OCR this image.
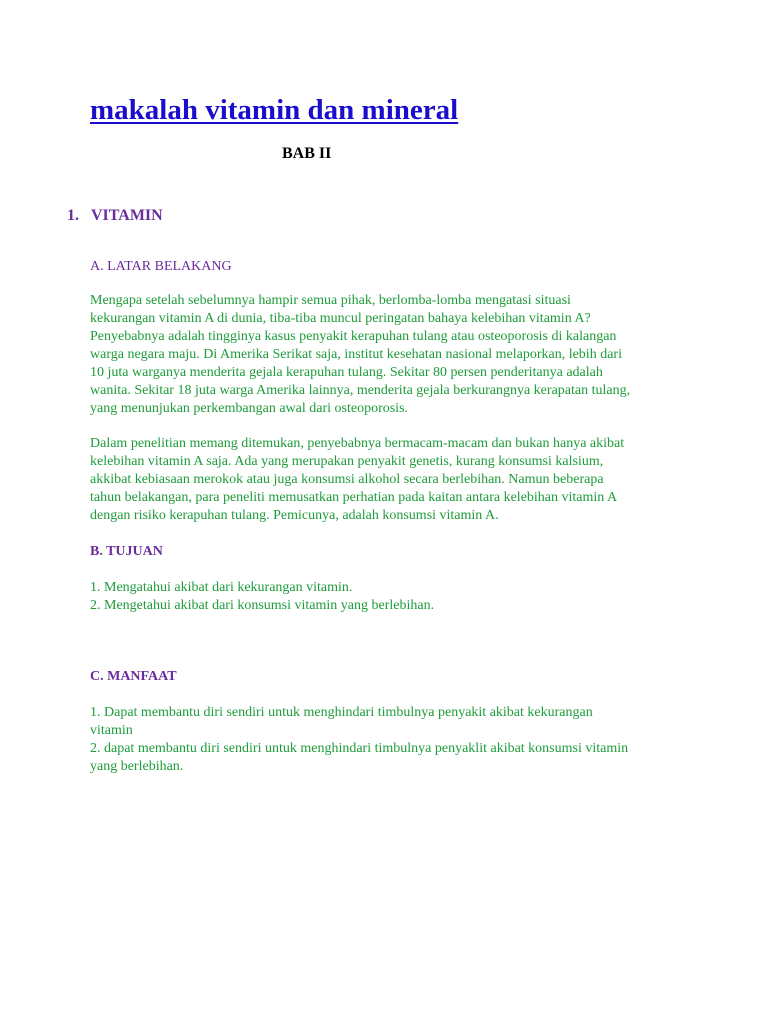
makalah vitamin dan mineral
BAB II
1. VITAMIN
A. LATAR BELAKANG

Mengapa setelah sebelumnya hampir semua pihak, berlomba-lomba mengatasi situasi
kekurangan vitamin A di dunia, tiba-tiba muncul peringatan bahaya kelebihan vitamin A?
Penyebabnya adalah tingginya kasus penyakit kerapuhan tulang atau osteoporosis di kalangan
warga negara maju. Di Amerika Serikat saja, institut kesehatan nasional melaporkan, lebih dari
10 juta warganya menderita gejala kerapuhan tulang. Sekitar 80 persen penderitanya adalah
wanita. Sekitar 18 juta warga Amerika lainnya, menderita gejala berkurangnya kerapatan tulang,
yang menunjukan perkembangan awal dari osteoporosis.

Dalam penelitian memang ditemukan, penyebabnya bermacam-macam dan bukan hanya akibat
kelebihan vitamin A saja. Ada yang merupakan penyakit genetis, kurang konsumsi kalsium,
akkibat kebiasaan merokok atau juga konsumsi alkohol secara berlebihan. Namun beberapa
tahun belakangan, para peneliti memusatkan perhatian pada kaitan antara kelebihan vitamin A
dengan risiko kerapuhan tulang. Pemicunya, adalah konsumsi vitamin A.

B. TUJUAN

1. Mengatahui akibat dari kekurangan vitamin.
2. Mengetahui akibat dari konsumsi vitamin yang berlebihan.

C. MANFAAT

1. Dapat membantu diri sendiri untuk menghindari timbulnya penyakit akibat kekurangan
vitamin
2. dapat membantu diri sendiri untuk menghindari timbulnya penyaklit akibat konsumsi vitamin
yang berlebihan.
